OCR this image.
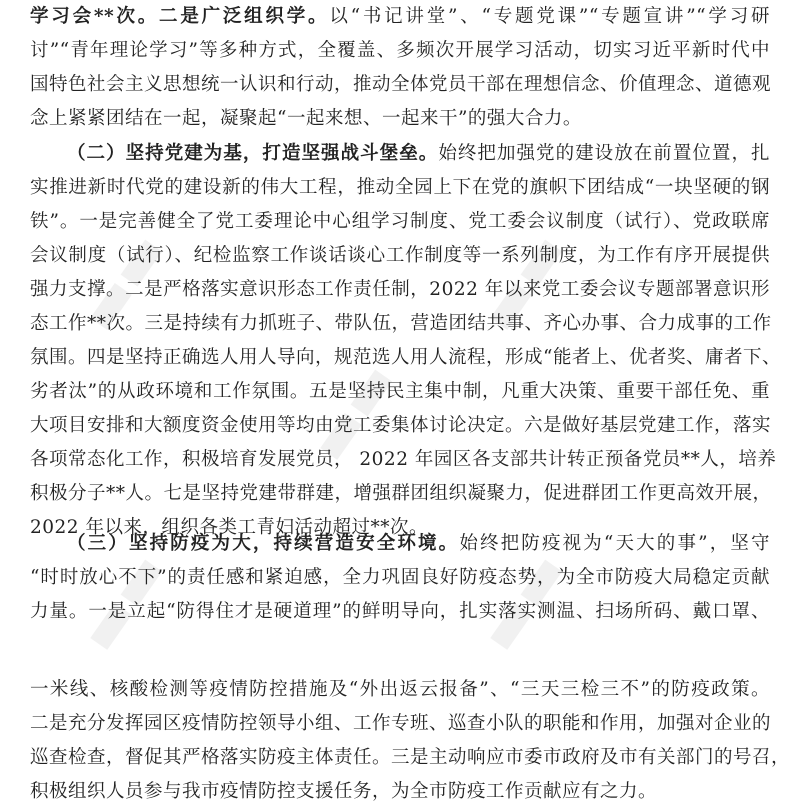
▬▬	▬▬
▬▬
▬▬	▬▬
学习会**次。二是广泛组织学。以“书记讲堂”、“专题党课”“专题宣讲”“学习研
讨”“青年理论学习”等多种方式，全覆盖、多频次开展学习活动，切实习近平新时代中
国特色社会主义思想统一认识和行动，推动全体党员干部在理想信念、价值理念、道德观
念上紧紧团结在一起，凝聚起“一起来想、一起来干”的强大合力。
（二）坚持党建为基，打造坚强战斗堡垒。始终把加强党的建设放在前置位置，扎
实推进新时代党的建设新的伟大工程，推动全园上下在党的旗帜下团结成“一块坚硬的钢
铁”。一是完善健全了党工委理论中心组学习制度、党工委会议制度（试行）、党政联席
会议制度（试行）、纪检监察工作谈话谈心工作制度等一系列制度，为工作有序开展提供
强力支撑。二是严格落实意识形态工作责任制，2022 年以来党工委会议专题部署意识形
态工作**次。三是持续有力抓班子、带队伍，营造团结共事、齐心办事、合力成事的工作
氛围。四是坚持正确选人用人导向，规范选人用人流程，形成“能者上、优者奖、庸者下、
劣者汰”的从政环境和工作氛围。五是坚持民主集中制，凡重大决策、重要干部任免、重
大项目安排和大额度资金使用等均由党工委集体讨论决定。六是做好基层党建工作，落实
各项常态化工作，积极培育发展党员， 2022 年园区各支部共计转正预备党员**人，培养
积极分子**人。七是坚持党建带群建，增强群团组织凝聚力，促进群团工作更高效开展，
2022 年以来，组织各类工青妇活动超过**次。
（三）坚持防疫为大，持续营造安全环境。始终把防疫视为“天大的事”，坚守
“时时放心不下”的责任感和紧迫感，全力巩固良好防疫态势，为全市防疫大局稳定贡献
力量。一是立起“防得住才是硬道理”的鲜明导向，扎实落实测温、扫场所码、戴口罩、
一米线、核酸检测等疫情防控措施及“外出返云报备”、“三天三检三不”的防疫政策。
二是充分发挥园区疫情防控领导小组、工作专班、巡查小队的职能和作用，加强对企业的
巡查检查，督促其严格落实防疫主体责任。三是主动响应市委市政府及市有关部门的号召，
积极组织人员参与我市疫情防控支援任务，为全市防疫工作贡献应有之力。
